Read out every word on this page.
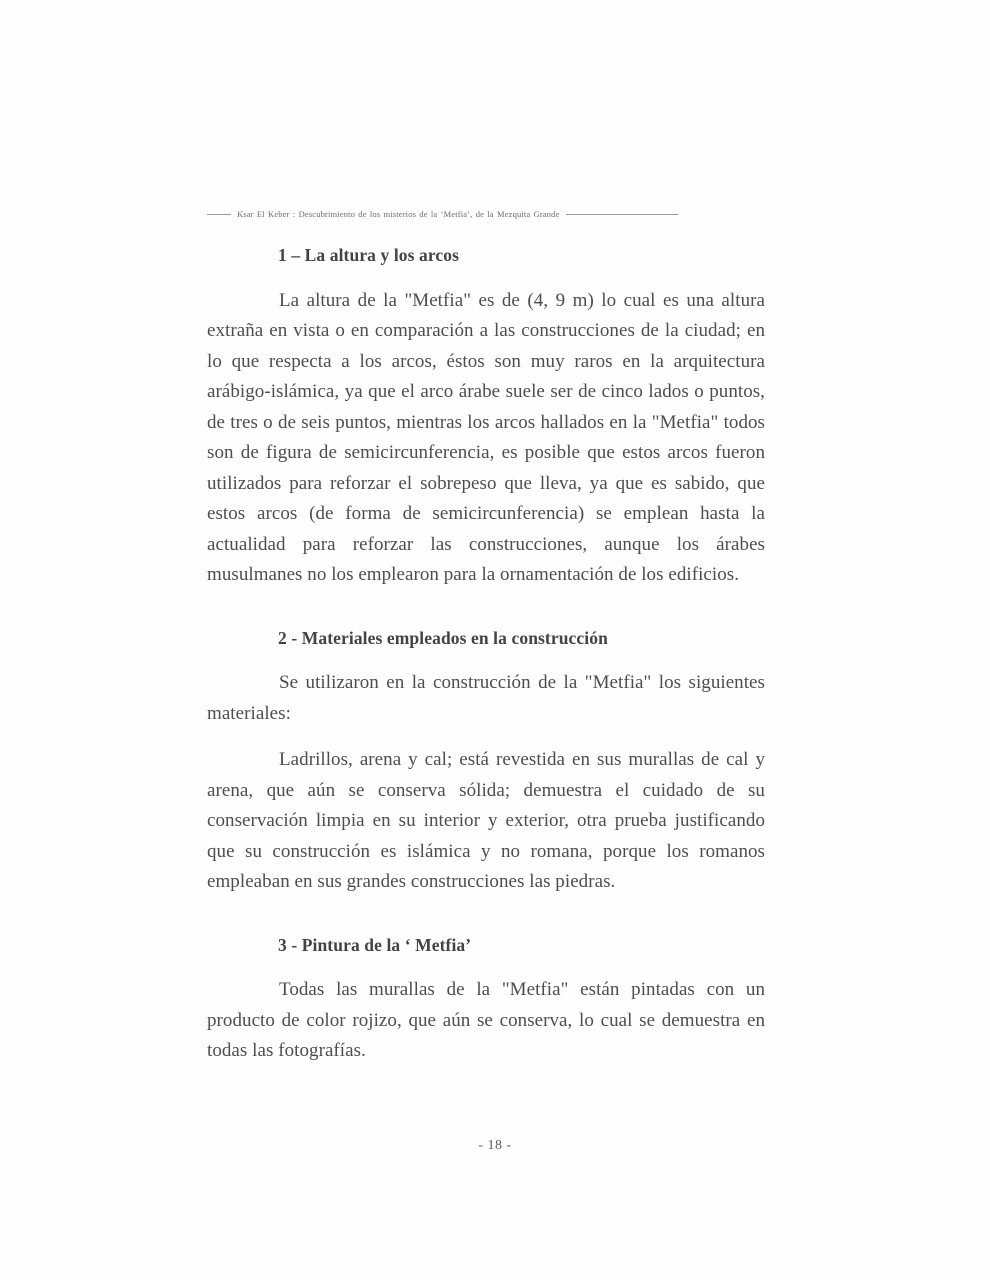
Ksar El Keber : Descubrimiento de los misterios de la ‘Metfia’, de la Mezquita Grande
1 – La altura y los arcos

La altura de la "Metfia" es de (4, 9 m) lo cual es una altura extraña en vista o en comparación a las construcciones de la ciudad; en lo que respecta a los arcos, éstos son muy raros en la arquitectura arábigo-islámica, ya que el arco árabe suele ser de cinco lados o puntos, de tres o de seis puntos, mientras los arcos hallados en la "Metfia" todos son de figura de semicircunferencia, es posible que estos arcos fueron utilizados para reforzar el sobrepeso que lleva, ya que es sabido, que estos arcos (de forma de semicircunferencia) se emplean hasta la actualidad para reforzar las construcciones, aunque los árabes musulmanes no los emplearon para la ornamentación de los edificios.

2 - Materiales empleados en la construcción

Se utilizaron en la construcción de la "Metfia" los siguientes materiales:

Ladrillos, arena y cal; está revestida en sus murallas de cal y arena, que aún se conserva sólida; demuestra el cuidado de su conservación limpia en su interior y exterior, otra prueba justificando que su construcción es islámica y no romana, porque los romanos empleaban en sus grandes construcciones las piedras.

3 - Pintura de la ‘ Metfia’

Todas las murallas de la "Metfia" están pintadas con un producto de color rojizo, que aún se conserva, lo cual se demuestra en todas las fotografías.

- 18 -
